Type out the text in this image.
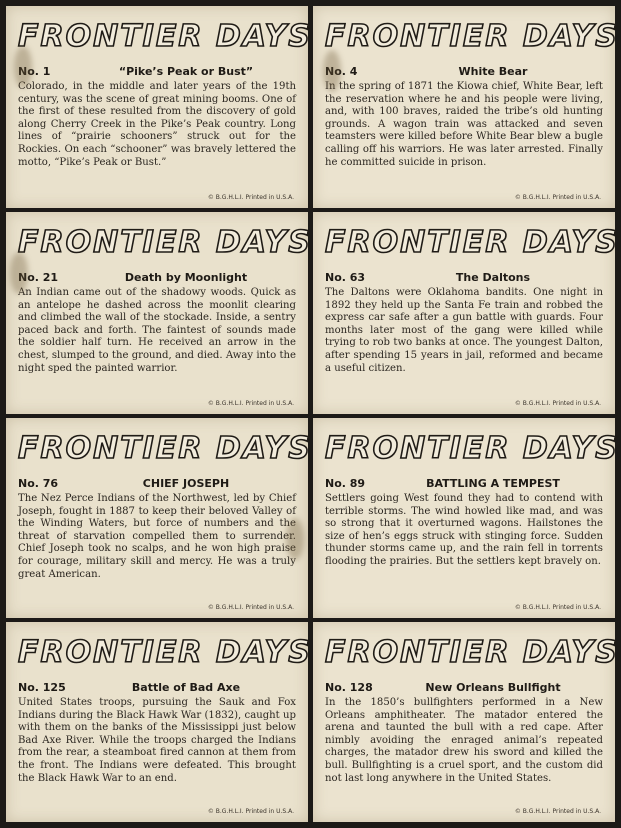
FRONTIER DAYS
No. 1	“Pike’s Peak or Bust”
Colorado, in the middle and later years of the 19th century, was the scene of great mining booms. One of the first of these resulted from the discovery of gold along Cherry Creek in the Pike’s Peak country. Long lines of “prairie schooners” struck out for the Rockies. On each “schooner” was bravely lettered the motto, “Pike’s Peak or Bust.”
© B.G.H.L.I. Printed in U.S.A.
FRONTIER DAYS
No. 4	White Bear
In the spring of 1871 the Kiowa chief, White Bear, left the reservation where he and his people were living, and, with 100 braves, raided the tribe’s old hunting grounds. A wagon train was attacked and seven teamsters were killed before White Bear blew a bugle calling off his warriors. He was later arrested. Finally he committed suicide in prison.
© B.G.H.L.I. Printed in U.S.A.
FRONTIER DAYS
No. 21	Death by Moonlight
An Indian came out of the shadowy woods. Quick as an antelope he dashed across the moonlit clearing and climbed the wall of the stockade. Inside, a sentry paced back and forth. The faintest of sounds made the soldier half turn. He received an arrow in the chest, slumped to the ground, and died. Away into the night sped the painted warrior.
© B.G.H.L.I. Printed in U.S.A.
FRONTIER DAYS
No. 63	The Daltons
The Daltons were Oklahoma bandits. One night in 1892 they held up the Santa Fe train and robbed the express car safe after a gun battle with guards. Four months later most of the gang were killed while trying to rob two banks at once. The youngest Dalton, after spending 15 years in jail, reformed and became a useful citizen.
© B.G.H.L.I. Printed in U.S.A.
FRONTIER DAYS
No. 76	CHIEF JOSEPH
The Nez Perce Indians of the Northwest, led by Chief Joseph, fought in 1887 to keep their beloved Valley of the Winding Waters, but force of numbers and the threat of starvation compelled them to surrender. Chief Joseph took no scalps, and he won high praise for courage, military skill and mercy. He was a truly great American.
© B.G.H.L.I. Printed in U.S.A.
FRONTIER DAYS
No. 89	BATTLING A TEMPEST
Settlers going West found they had to contend with terrible storms. The wind howled like mad, and was so strong that it overturned wagons. Hailstones the size of hen’s eggs struck with stinging force. Sudden thunder storms came up, and the rain fell in torrents flooding the prairies. But the settlers kept bravely on.
© B.G.H.L.I. Printed in U.S.A.
FRONTIER DAYS
No. 125	Battle of Bad Axe
United States troops, pursuing the Sauk and Fox Indians during the Black Hawk War (1832), caught up with them on the banks of the Mississippi just below Bad Axe River. While the troops charged the Indians from the rear, a steamboat fired cannon at them from the front. The Indians were defeated. This brought the Black Hawk War to an end.
© B.G.H.L.I. Printed in U.S.A.
FRONTIER DAYS
No. 128	New Orleans Bullfight
In the 1850’s bullfighters performed in a New Orleans amphitheater. The matador entered the arena and taunted the bull with a red cape. After nimbly avoiding the enraged animal’s repeated charges, the matador drew his sword and killed the bull. Bullfighting is a cruel sport, and the custom did not last long anywhere in the United States.
© B.G.H.L.I. Printed in U.S.A.
